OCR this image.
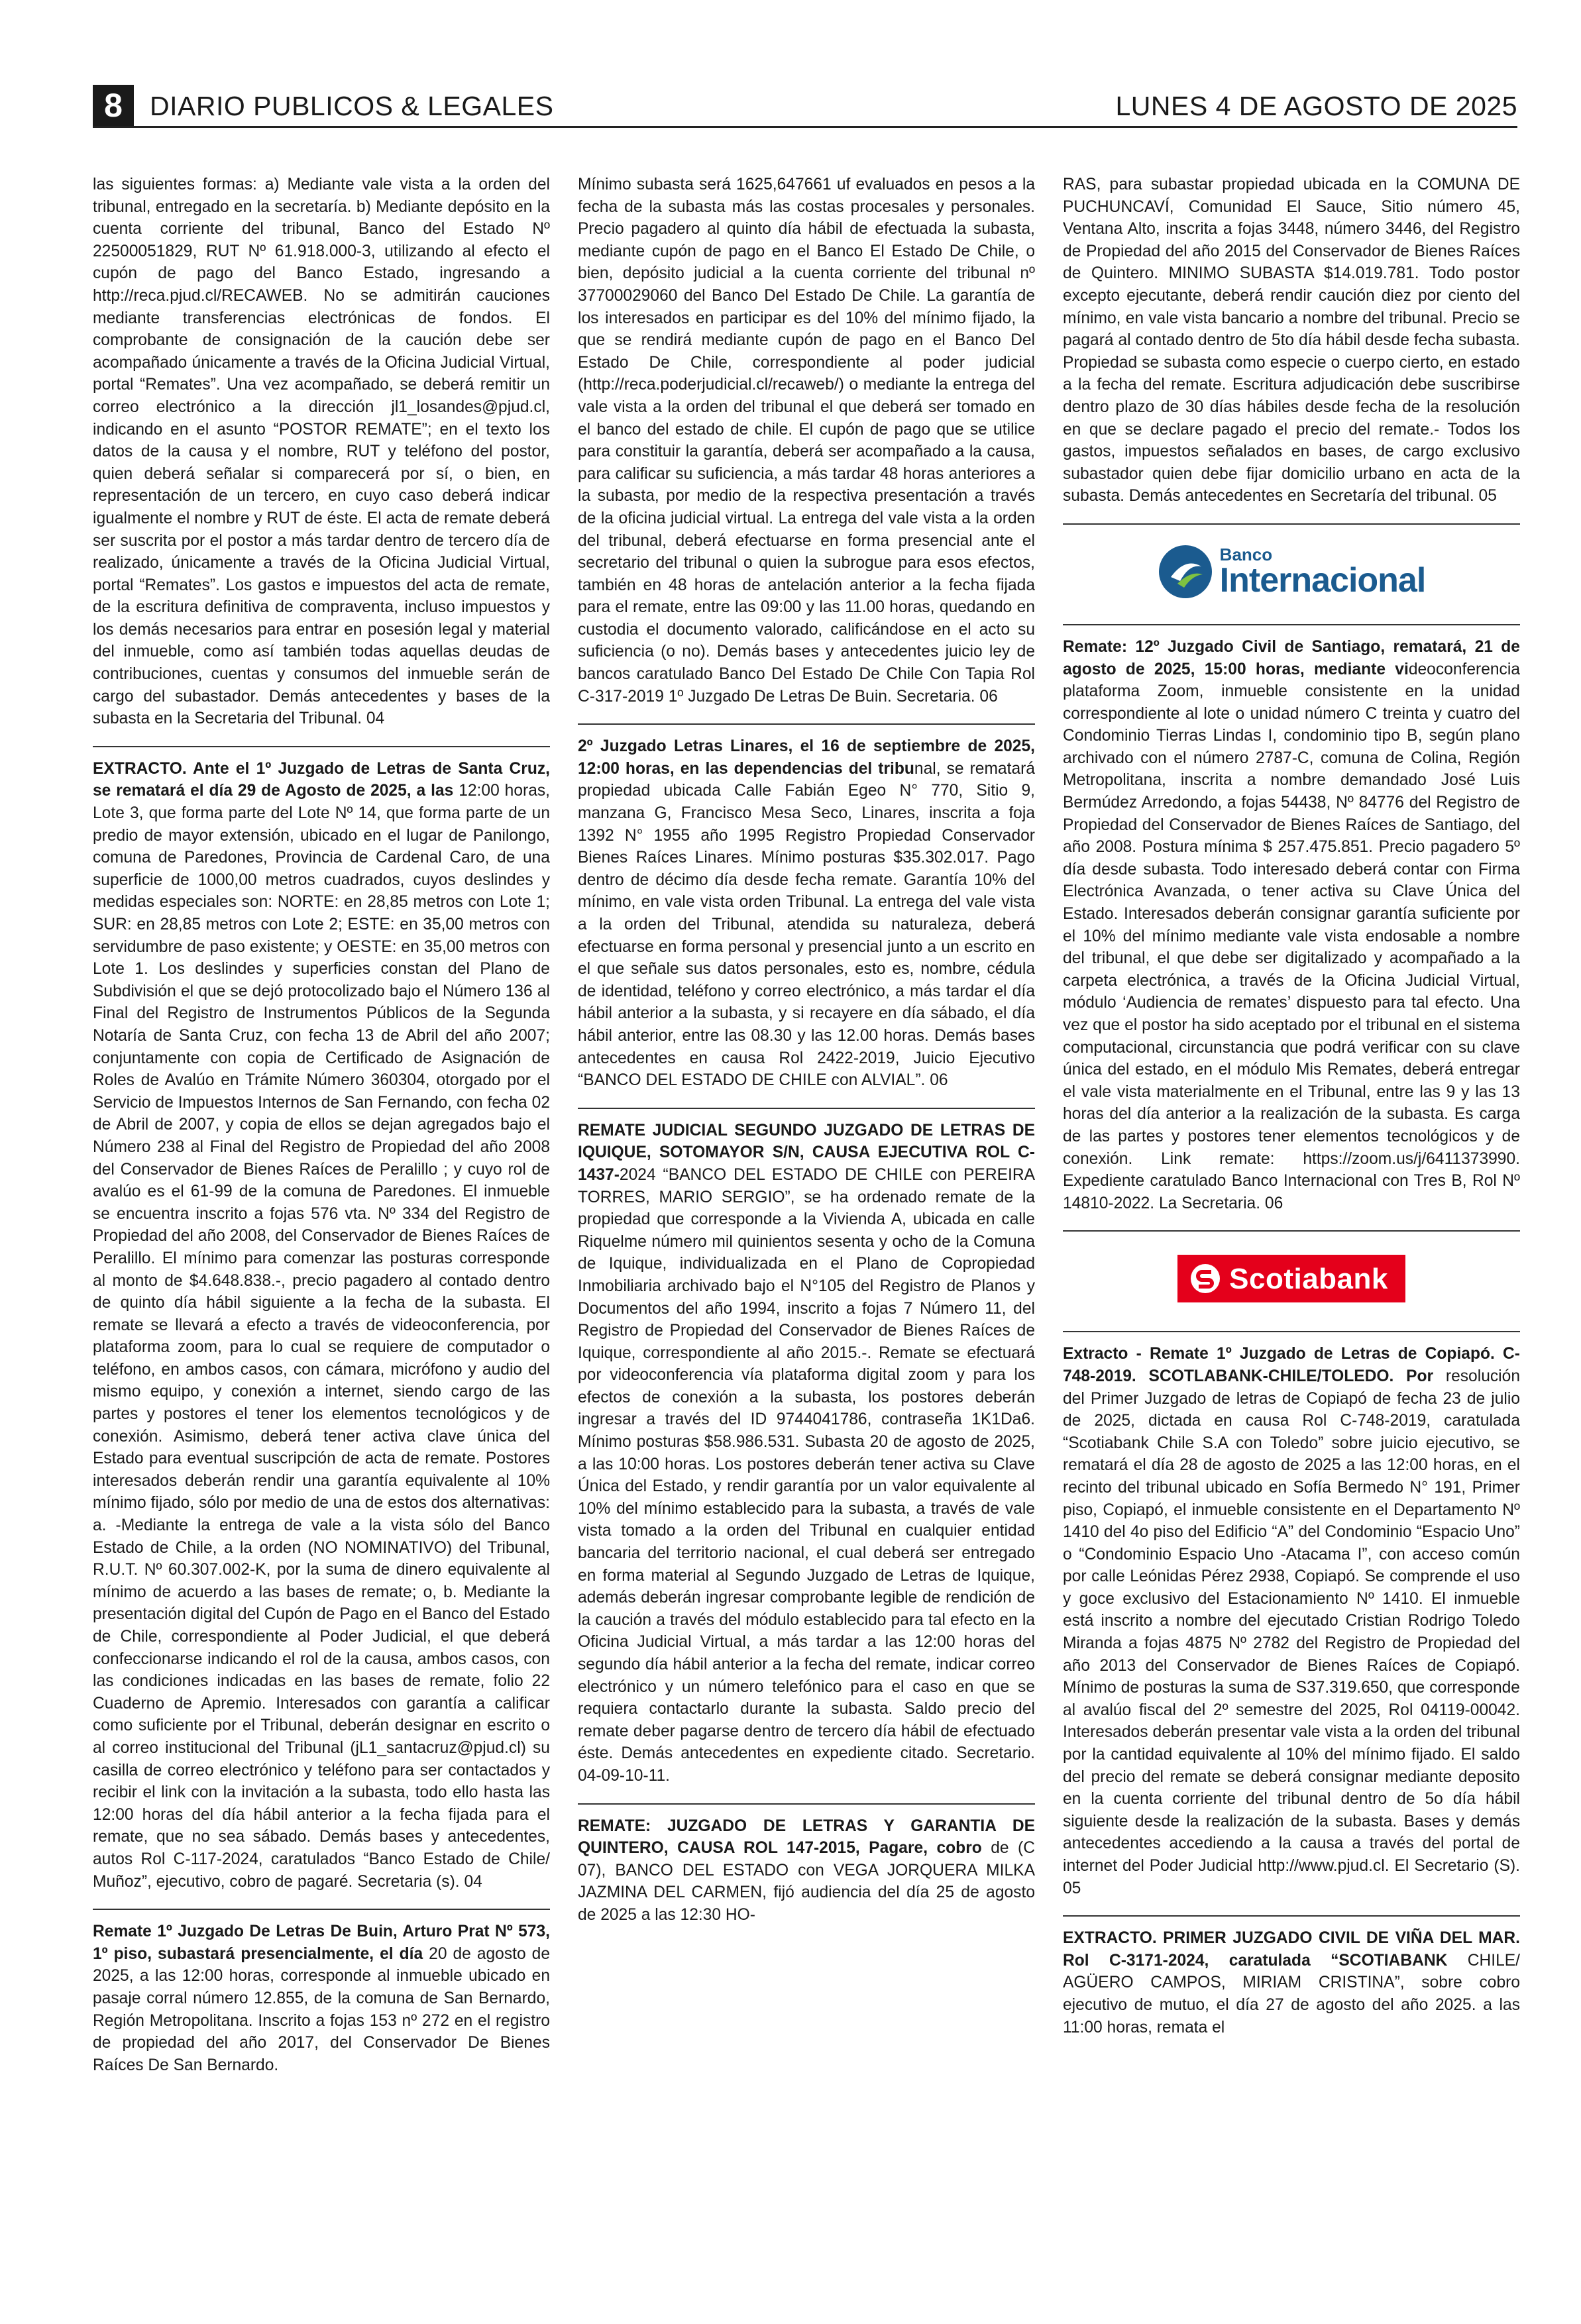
8	DIARIO PUBLICOS & LEGALES	LUNES 4 DE AGOSTO DE 2025

las siguientes formas: a) Mediante vale vista a la orden del tribunal, entregado en la secretaría. b) Mediante depósito en la cuenta corriente del tribunal, Banco del Estado Nº 22500051829, RUT Nº 61.918.000-3, utilizando al efecto el cupón de pago del Banco Estado, ingresando a http://reca.pjud.cl/RECAWEB. No se admitirán cauciones mediante transferencias electrónicas de fondos. El comprobante de consignación de la caución debe ser acompañado únicamente a través de la Oficina Judicial Virtual, portal “Remates”. Una vez acompañado, se deberá remitir un correo electrónico a la dirección jl1_losandes@pjud.cl, indicando en el asunto “POSTOR REMATE”; en el texto los datos de la causa y el nombre, RUT y teléfono del postor, quien deberá señalar si comparecerá por sí, o bien, en representación de un tercero, en cuyo caso deberá indicar igualmente el nombre y RUT de éste. El acta de remate deberá ser suscrita por el postor a más tardar dentro de tercero día de realizado, únicamente a través de la Oficina Judicial Virtual, portal “Remates”. Los gastos e impuestos del acta de remate, de la escritura definitiva de compraventa, incluso impuestos y los demás necesarios para entrar en posesión legal y material del inmueble, como así también todas aquellas deudas de contribuciones, cuentas y consumos del inmueble serán de cargo del subastador. Demás antecedentes y bases de la subasta en la Secretaria del Tribunal. 04

EXTRACTO. Ante el 1º Juzgado de Letras de Santa Cruz, se rematará el día 29 de Agosto de 2025, a las 12:00 horas, Lote 3, que forma parte del Lote Nº 14, que forma parte de un predio de mayor extensión, ubicado en el lugar de Panilongo, comuna de Paredones, Provincia de Cardenal Caro, de una superficie de 1000,00 metros cuadrados, cuyos deslindes y medidas especiales son: NORTE: en 28,85 metros con Lote 1; SUR: en 28,85 metros con Lote 2; ESTE: en 35,00 metros con servidumbre de paso existente; y OESTE: en 35,00 metros con Lote 1. Los deslindes y superficies constan del Plano de Subdivisión el que se dejó protocolizado bajo el Número 136 al Final del Registro de Instrumentos Públicos de la Segunda Notaría de Santa Cruz, con fecha 13 de Abril del año 2007; conjuntamente con copia de Certificado de Asignación de Roles de Avalúo en Trámite Número 360304, otorgado por el Servicio de Impuestos Internos de San Fernando, con fecha 02 de Abril de 2007, y copia de ellos se dejan agregados bajo el Número 238 al Final del Registro de Propiedad del año 2008 del Conservador de Bienes Raíces de Peralillo ; y cuyo rol de avalúo es el 61-99 de la comuna de Paredones. El inmueble se encuentra inscrito a fojas 576 vta. Nº 334 del Registro de Propiedad del año 2008, del Conservador de Bienes Raíces de Peralillo. El mínimo para comenzar las posturas corresponde al monto de $4.648.838.-, precio pagadero al contado dentro de quinto día hábil siguiente a la fecha de la subasta. El remate se llevará a efecto a través de videoconferencia, por plataforma zoom, para lo cual se requiere de computador o teléfono, en ambos casos, con cámara, micrófono y audio del mismo equipo, y conexión a internet, siendo cargo de las partes y postores el tener los elementos tecnológicos y de conexión. Asimismo, deberá tener activa clave única del Estado para eventual suscripción de acta de remate. Postores interesados deberán rendir una garantía equivalente al 10% mínimo fijado, sólo por medio de una de estos dos alternativas: a. -Mediante la entrega de vale a la vista sólo del Banco Estado de Chile, a la orden (NO NOMINATIVO) del Tribunal, R.U.T. Nº 60.307.002-K, por la suma de dinero equivalente al mínimo de acuerdo a las bases de remate; o, b. Mediante la presentación digital del Cupón de Pago en el Banco del Estado de Chile, correspondiente al Poder Judicial, el que deberá confeccionarse indicando el rol de la causa, ambos casos, con las condiciones indicadas en las bases de remate, folio 22 Cuaderno de Apremio. Interesados con garantía a calificar como suficiente por el Tribunal, deberán designar en escrito o al correo institucional del Tribunal (jL1_santacruz@pjud.cl) su casilla de correo electrónico y teléfono para ser contactados y recibir el link con la invitación a la subasta, todo ello hasta las 12:00 horas del día hábil anterior a la fecha fijada para el remate, que no sea sábado. Demás bases y antecedentes, autos Rol C-117-2024, caratulados “Banco Estado de Chile/ Muñoz”, ejecutivo, cobro de pagaré. Secretaria (s). 04

Remate 1º Juzgado De Letras De Buin, Arturo Prat Nº 573, 1º piso, subastará presencialmente, el día 20 de agosto de 2025, a las 12:00 horas, corresponde al inmueble ubicado en pasaje corral número 12.855, de la comuna de San Bernardo, Región Metropolitana. Inscrito a fojas 153 nº 272 en el registro de propiedad del año 2017, del Conservador De Bienes Raíces De San Bernardo.

Mínimo subasta será 1625,647661 uf evaluados en pesos a la fecha de la subasta más las costas procesales y personales. Precio pagadero al quinto día hábil de efectuada la subasta, mediante cupón de pago en el Banco El Estado De Chile, o bien, depósito judicial a la cuenta corriente del tribunal nº 37700029060 del Banco Del Estado De Chile. La garantía de los interesados en participar es del 10% del mínimo fijado, la que se rendirá mediante cupón de pago en el Banco Del Estado De Chile, correspondiente al poder judicial (http://reca.poderjudicial.cl/recaweb/) o mediante la entrega del vale vista a la orden del tribunal el que deberá ser tomado en el banco del estado de chile. El cupón de pago que se utilice para constituir la garantía, deberá ser acompañado a la causa, para calificar su suficiencia, a más tardar 48 horas anteriores a la subasta, por medio de la respectiva presentación a través de la oficina judicial virtual. La entrega del vale vista a la orden del tribunal, deberá efectuarse en forma presencial ante el secretario del tribunal o quien la subrogue para esos efectos, también en 48 horas de antelación anterior a la fecha fijada para el remate, entre las 09:00 y las 11.00 horas, quedando en custodia el documento valorado, calificándose en el acto su suficiencia (o no). Demás bases y antecedentes juicio ley de bancos caratulado Banco Del Estado De Chile Con Tapia Rol C-317-2019 1º Juzgado De Letras De Buin. Secretaria. 06

2º Juzgado Letras Linares, el 16 de septiembre de 2025, 12:00 horas, en las dependencias del tribunal, se rematará propiedad ubicada Calle Fabián Egeo N° 770, Sitio 9, manzana G, Francisco Mesa Seco, Linares, inscrita a foja 1392 N° 1955 año 1995 Registro Propiedad Conservador Bienes Raíces Linares. Mínimo posturas $35.302.017. Pago dentro de décimo día desde fecha remate. Garantía 10% del mínimo, en vale vista orden Tribunal. La entrega del vale vista a la orden del Tribunal, atendida su naturaleza, deberá efectuarse en forma personal y presencial junto a un escrito en el que señale sus datos personales, esto es, nombre, cédula de identidad, teléfono y correo electrónico, a más tardar el día hábil anterior a la subasta, y si recayere en día sábado, el día hábil anterior, entre las 08.30 y las 12.00 horas. Demás bases antecedentes en causa Rol 2422-2019, Juicio Ejecutivo “BANCO DEL ESTADO DE CHILE con ALVIAL”. 06

REMATE JUDICIAL SEGUNDO JUZGADO DE LETRAS DE IQUIQUE, SOTOMAYOR S/N, CAUSA EJECUTIVA ROL C-1437-2024 “BANCO DEL ESTADO DE CHILE con PEREIRA TORRES, MARIO SERGIO”, se ha ordenado remate de la propiedad que corresponde a la Vivienda A, ubicada en calle Riquelme número mil quinientos sesenta y ocho de la Comuna de Iquique, individualizada en el Plano de Copropiedad Inmobiliaria archivado bajo el N°105 del Registro de Planos y Documentos del año 1994, inscrito a fojas 7 Número 11, del Registro de Propiedad del Conservador de Bienes Raíces de Iquique, correspondiente al año 2015.-. Remate se efectuará por videoconferencia vía plataforma digital zoom y para los efectos de conexión a la subasta, los postores deberán ingresar a través del ID 9744041786, contraseña 1K1Da6. Mínimo posturas $58.986.531. Subasta 20 de agosto de 2025, a las 10:00 horas. Los postores deberán tener activa su Clave Única del Estado, y rendir garantía por un valor equivalente al 10% del mínimo establecido para la subasta, a través de vale vista tomado a la orden del Tribunal en cualquier entidad bancaria del territorio nacional, el cual deberá ser entregado en forma material al Segundo Juzgado de Letras de Iquique, además deberán ingresar comprobante legible de rendición de la caución a través del módulo establecido para tal efecto en la Oficina Judicial Virtual, a más tardar a las 12:00 horas del segundo día hábil anterior a la fecha del remate, indicar correo electrónico y un número telefónico para el caso en que se requiera contactarlo durante la subasta. Saldo precio del remate deber pagarse dentro de tercero día hábil de efectuado éste. Demás antecedentes en expediente citado. Secretario. 04-09-10-11.

REMATE: JUZGADO DE LETRAS Y GARANTIA DE QUINTERO, CAUSA ROL 147-2015, Pagare, cobro de (C 07), BANCO DEL ESTADO con VEGA JORQUERA MILKA JAZMINA DEL CARMEN, fijó audiencia del día 25 de agosto de 2025 a las 12:30 HO-

RAS, para subastar propiedad ubicada en la COMUNA DE PUCHUNCAVÍ, Comunidad El Sauce, Sitio número 45, Ventana Alto, inscrita a fojas 3448, número 3446, del Registro de Propiedad del año 2015 del Conservador de Bienes Raíces de Quintero. MINIMO SUBASTA $14.019.781. Todo postor excepto ejecutante, deberá rendir caución diez por ciento del mínimo, en vale vista bancario a nombre del tribunal. Precio se pagará al contado dentro de 5to día hábil desde fecha subasta. Propiedad se subasta como especie o cuerpo cierto, en estado a la fecha del remate. Escritura adjudicación debe suscribirse dentro plazo de 30 días hábiles desde fecha de la resolución en que se declare pagado el precio del remate.- Todos los gastos, impuestos señalados en bases, de cargo exclusivo subastador quien debe fijar domicilio urbano en acta de la subasta. Demás antecedentes en Secretaría del tribunal. 05

Banco
Internacional

Remate: 12º Juzgado Civil de Santiago, rematará, 21 de agosto de 2025, 15:00 horas, mediante videoconferencia plataforma Zoom, inmueble consistente en la unidad correspondiente al lote o unidad número C treinta y cuatro del Condominio Tierras Lindas I, condominio tipo B, según plano archivado con el número 2787-C, comuna de Colina, Región Metropolitana, inscrita a nombre demandado José Luis Bermúdez Arredondo, a fojas 54438, Nº 84776 del Registro de Propiedad del Conservador de Bienes Raíces de Santiago, del año 2008. Postura mínima $ 257.475.851. Precio pagadero 5º día desde subasta. Todo interesado deberá contar con Firma Electrónica Avanzada, o tener activa su Clave Única del Estado. Interesados deberán consignar garantía suficiente por el 10% del mínimo mediante vale vista endosable a nombre del tribunal, el que debe ser digitalizado y acompañado a la carpeta electrónica, a través de la Oficina Judicial Virtual, módulo ‘Audiencia de remates’ dispuesto para tal efecto. Una vez que el postor ha sido aceptado por el tribunal en el sistema computacional, circunstancia que podrá verificar con su clave única del estado, en el módulo Mis Remates, deberá entregar el vale vista materialmente en el Tribunal, entre las 9 y las 13 horas del día anterior a la realización de la subasta. Es carga de las partes y postores tener elementos tecnológicos y de conexión. Link remate: https://zoom.us/j/6411373990. Expediente caratulado Banco Internacional con Tres B, Rol Nº 14810-2022. La Secretaria. 06

Scotiabank

Extracto - Remate 1º Juzgado de Letras de Copiapó. C-748-2019. SCOTLABANK-CHILE/TOLEDO. Por resolución del Primer Juzgado de letras de Copiapó de fecha 23 de julio de 2025, dictada en causa Rol C-748-2019, caratulada “Scotiabank Chile S.A con Toledo” sobre juicio ejecutivo, se rematará el día 28 de agosto de 2025 a las 12:00 horas, en el recinto del tribunal ubicado en Sofía Bermedo N° 191, Primer piso, Copiapó, el inmueble consistente en el Departamento Nº 1410 del 4o piso del Edificio “A” del Condominio “Espacio Uno” o “Condominio Espacio Uno -Atacama I”, con acceso común por calle Leónidas Pérez 2938, Copiapó. Se comprende el uso y goce exclusivo del Estacionamiento Nº 1410. El inmueble está inscrito a nombre del ejecutado Cristian Rodrigo Toledo Miranda a fojas 4875 Nº 2782 del Registro de Propiedad del año 2013 del Conservador de Bienes Raíces de Copiapó. Mínimo de posturas la suma de S37.319.650, que corresponde al avalúo fiscal del 2º semestre del 2025, Rol 04119-00042. Interesados deberán presentar vale vista a la orden del tribunal por la cantidad equivalente al 10% del mínimo fijado. El saldo del precio del remate se deberá consignar mediante deposito en la cuenta corriente del tribunal dentro de 5o día hábil siguiente desde la realización de la subasta. Bases y demás antecedentes accediendo a la causa a través del portal de internet del Poder Judicial http://www.pjud.cl. El Secretario (S). 05

EXTRACTO. PRIMER JUZGADO CIVIL DE VIÑA DEL MAR. Rol C-3171-2024, caratulada “SCOTIABANK CHILE/ AGÜERO CAMPOS, MIRIAM CRISTINA”, sobre cobro ejecutivo de mutuo, el día 27 de agosto del año 2025. a las 11:00 horas, remata el
